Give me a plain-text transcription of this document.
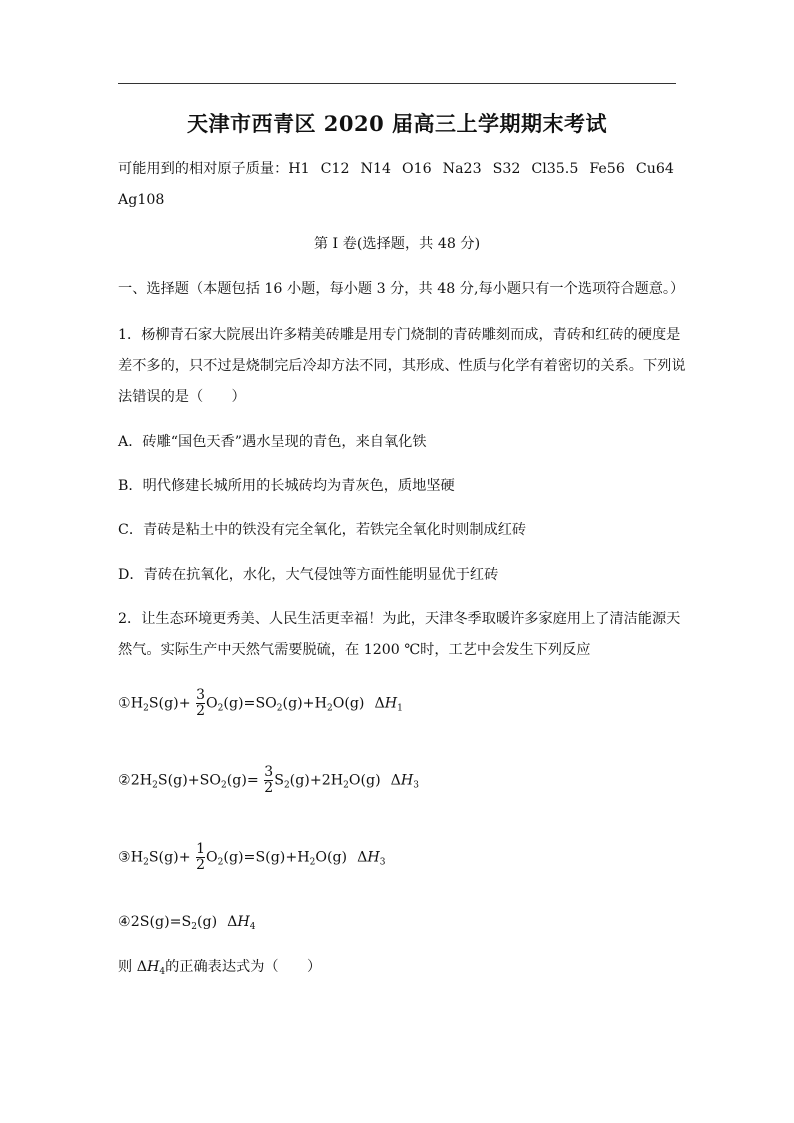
天津市西青区 2020 届高三上学期期末考试
可能用到的相对原子质量：H1 C12 N14 O16 Na23 S32 Cl35.5 Fe56 Cu64
Ag108
第 I 卷(选择题，共 48 分)
一、选择题（本题包括 16 小题，每小题 3 分，共 48 分,每小题只有一个选项符合题意。）
1．杨柳青石家大院展出许多精美砖雕是用专门烧制的青砖雕刻而成，青砖和红砖的硬度是
差不多的，只不过是烧制完后冷却方法不同，其形成、性质与化学有着密切的关系。下列说
法错误的是（　　）
A．砖雕“国色天香”遇水呈现的青色，来自氧化铁
B．明代修建长城所用的长城砖均为青灰色，质地坚硬
C．青砖是粘土中的铁没有完全氧化，若铁完全氧化时则制成红砖
D．青砖在抗氧化，水化，大气侵蚀等方面性能明显优于红砖
2．让生态环境更秀美、人民生活更幸福！为此，天津冬季取暖许多家庭用上了清洁能源天
然气。实际生产中天然气需要脱硫，在 1200 ℃时，工艺中会发生下列反应
$①H_2S(g)+ \frac{3}{2} O_2(g)=SO_2(g)+H_2O(g)$ $\Delta H_1$
$②2H_2S(g)+SO_2(g)= \frac{3}{2} S_2(g)+2H_2O(g)$ $\Delta H_3$
$③H_2S(g)+ \frac{1}{2} O_2(g)=S(g)+H_2O(g)$ $\Delta H_3$
$④2S(g)=S_2(g)$ $\Delta H_4$
则 $\Delta H_4$的正确表达式为（　　）
